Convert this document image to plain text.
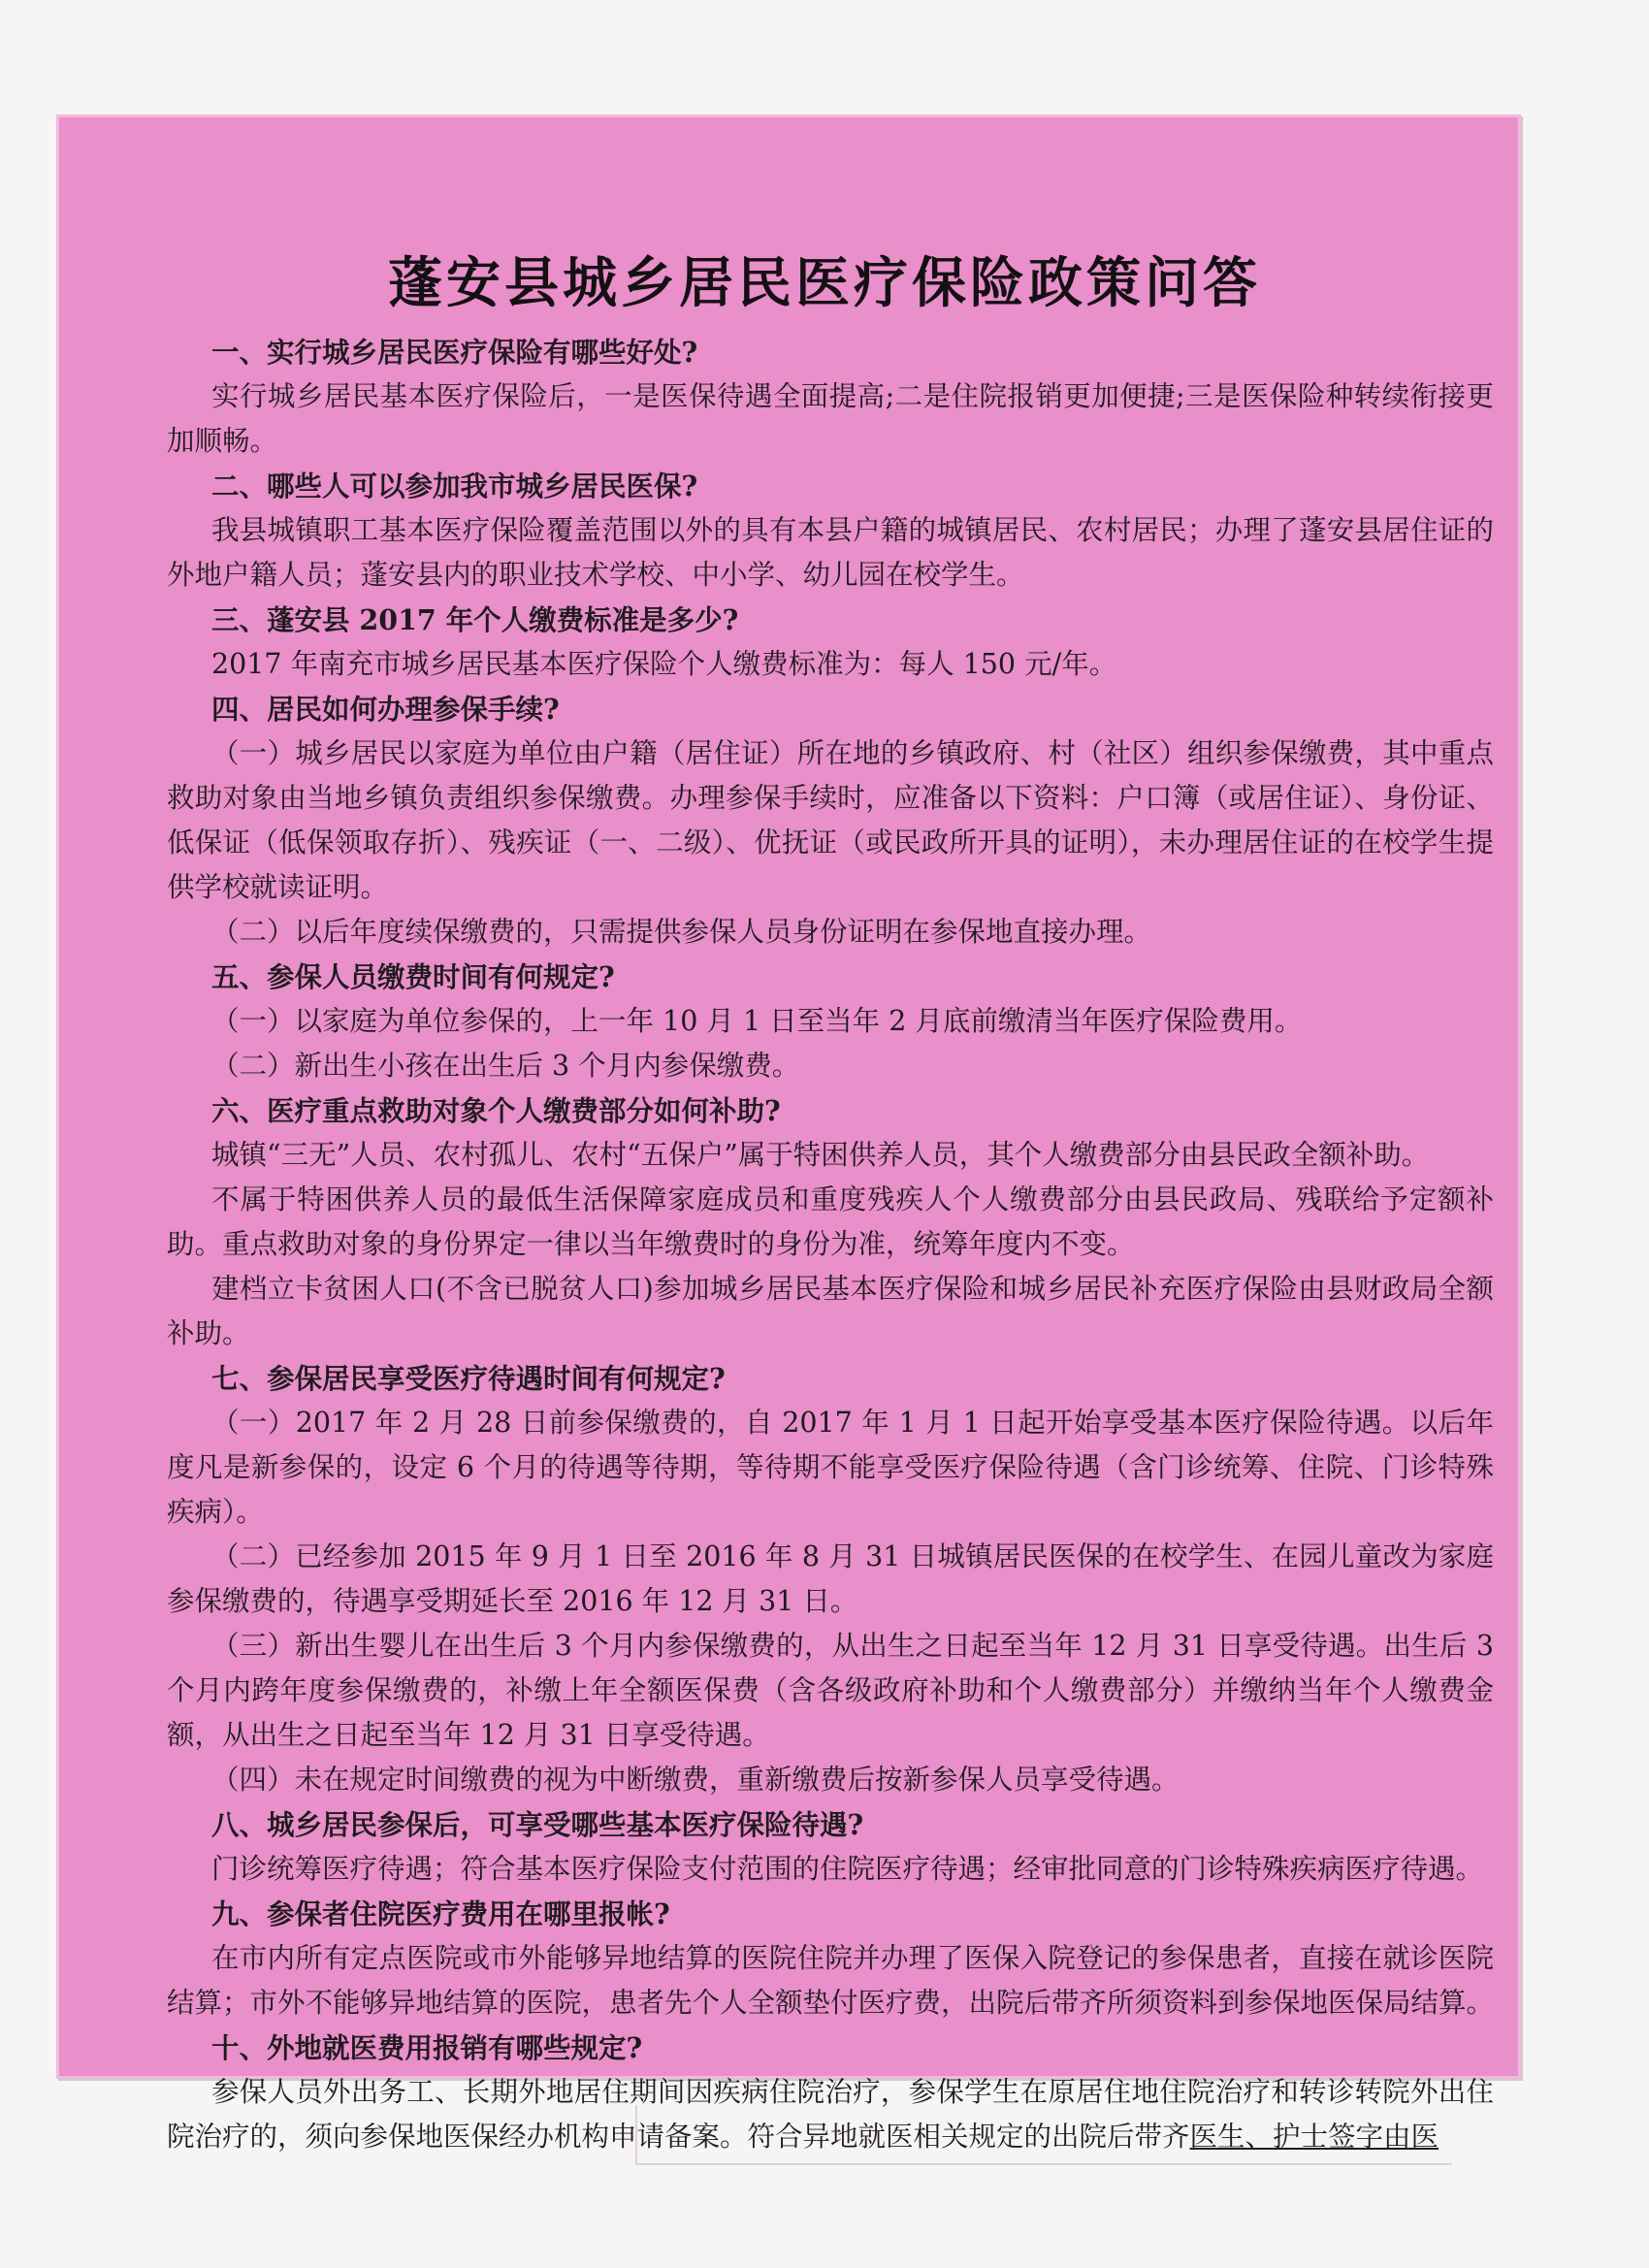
蓬安县城乡居民医疗保险政策问答

一、实行城乡居民医疗保险有哪些好处?

实行城乡居民基本医疗保险后，一是医保待遇全面提高;二是住院报销更加便捷;三是医保险种转续衔接更加顺畅。

二、哪些人可以参加我市城乡居民医保?

我县城镇职工基本医疗保险覆盖范围以外的具有本县户籍的城镇居民、农村居民；办理了蓬安县居住证的外地户籍人员；蓬安县内的职业技术学校、中小学、幼儿园在校学生。

三、蓬安县 2017 年个人缴费标准是多少?

2017 年南充市城乡居民基本医疗保险个人缴费标准为：每人 150 元/年。

四、居民如何办理参保手续?

（一）城乡居民以家庭为单位由户籍（居住证）所在地的乡镇政府、村（社区）组织参保缴费，其中重点救助对象由当地乡镇负责组织参保缴费。办理参保手续时，应准备以下资料：户口簿（或居住证）、身份证、低保证（低保领取存折）、残疾证（一、二级）、优抚证（或民政所开具的证明），未办理居住证的在校学生提供学校就读证明。

（二）以后年度续保缴费的，只需提供参保人员身份证明在参保地直接办理。

五、参保人员缴费时间有何规定?

（一）以家庭为单位参保的，上一年 10 月 1 日至当年 2 月底前缴清当年医疗保险费用。

（二）新出生小孩在出生后 3 个月内参保缴费。

六、医疗重点救助对象个人缴费部分如何补助?

城镇“三无”人员、农村孤儿、农村“五保户”属于特困供养人员，其个人缴费部分由县民政全额补助。

不属于特困供养人员的最低生活保障家庭成员和重度残疾人个人缴费部分由县民政局、残联给予定额补助。重点救助对象的身份界定一律以当年缴费时的身份为准，统筹年度内不变。

建档立卡贫困人口(不含已脱贫人口)参加城乡居民基本医疗保险和城乡居民补充医疗保险由县财政局全额补助。

七、参保居民享受医疗待遇时间有何规定?

（一）2017 年 2 月 28 日前参保缴费的，自 2017 年 1 月 1 日起开始享受基本医疗保险待遇。以后年度凡是新参保的，设定 6 个月的待遇等待期，等待期不能享受医疗保险待遇（含门诊统筹、住院、门诊特殊疾病）。

（二）已经参加 2015 年 9 月 1 日至 2016 年 8 月 31 日城镇居民医保的在校学生、在园儿童改为家庭参保缴费的，待遇享受期延长至 2016 年 12 月 31 日。

（三）新出生婴儿在出生后 3 个月内参保缴费的，从出生之日起至当年 12 月 31 日享受待遇。出生后 3 个月内跨年度参保缴费的，补缴上年全额医保费（含各级政府补助和个人缴费部分）并缴纳当年个人缴费金额，从出生之日起至当年 12 月 31 日享受待遇。

（四）未在规定时间缴费的视为中断缴费，重新缴费后按新参保人员享受待遇。

八、城乡居民参保后，可享受哪些基本医疗保险待遇?

门诊统筹医疗待遇；符合基本医疗保险支付范围的住院医疗待遇；经审批同意的门诊特殊疾病医疗待遇。

九、参保者住院医疗费用在哪里报帐?

在市内所有定点医院或市外能够异地结算的医院住院并办理了医保入院登记的参保患者，直接在就诊医院结算；市外不能够异地结算的医院，患者先个人全额垫付医疗费，出院后带齐所须资料到参保地医保局结算。

十、外地就医费用报销有哪些规定?

参保人员外出务工、长期外地居住期间因疾病住院治疗，参保学生在原居住地住院治疗和转诊转院外出住院治疗的，须向参保地医保经办机构申请备案。符合异地就医相关规定的出院后带齐医生、护士签字由医
